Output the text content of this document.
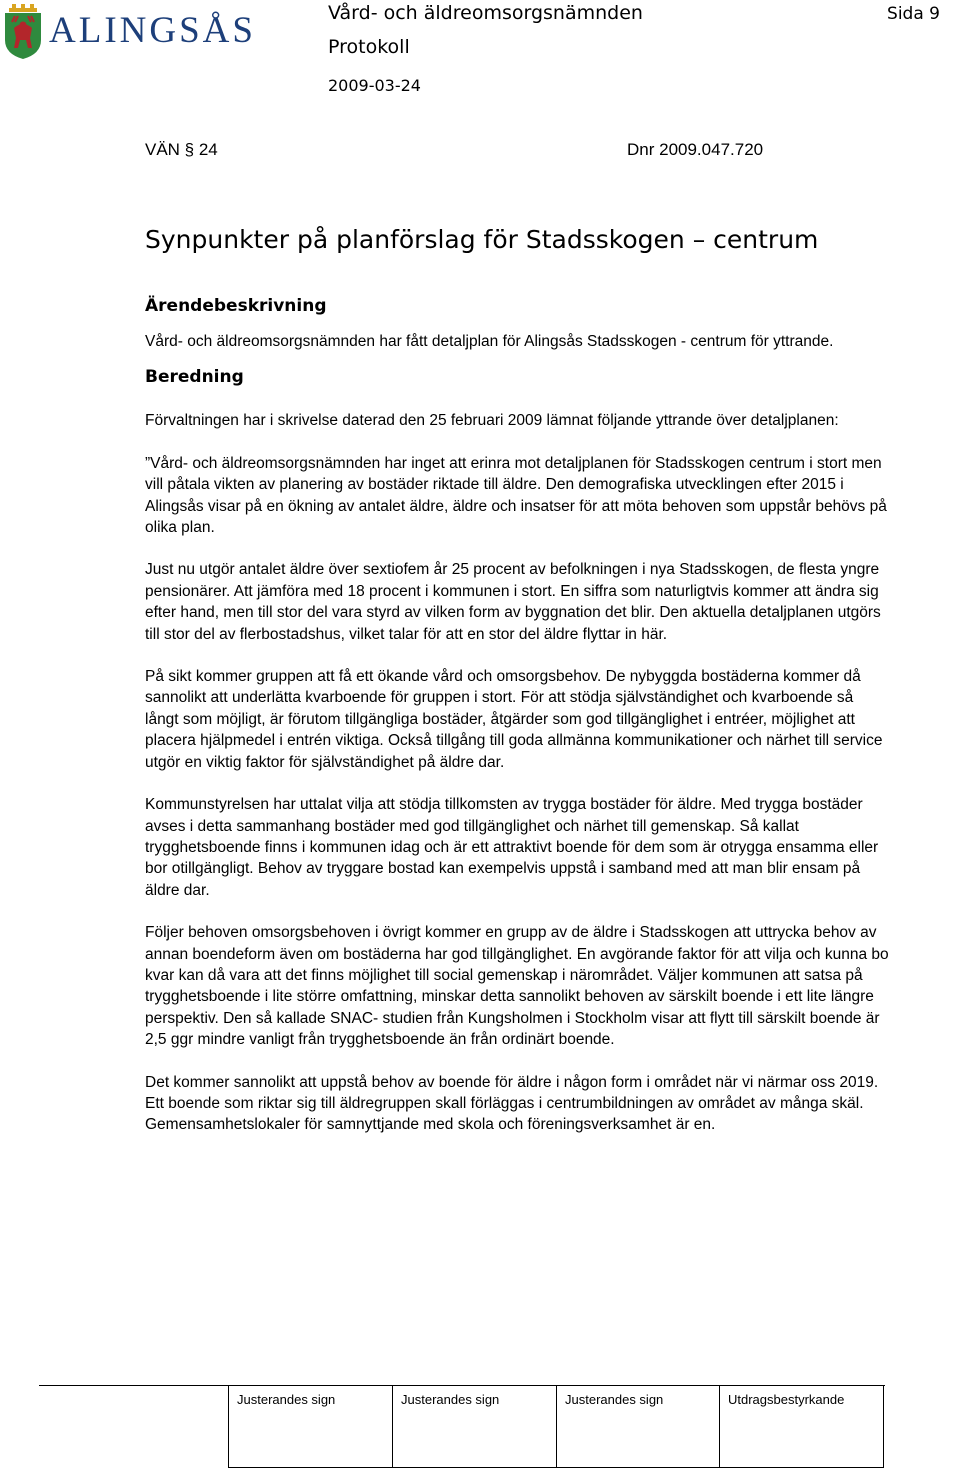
ALINGSÅS	Vård- och äldreomsorgsnämnden
Protokoll
2009-03-24
Sida 9
VÄN § 24	Dnr 2009.047.720
Synpunkter på planförslag för Stadsskogen – centrum
Ärendebeskrivning

Vård- och äldreomsorgsnämnden har fått detaljplan för Alingsås Stadsskogen - centrum för yttrande.

Beredning

Förvaltningen har i skrivelse daterad den 25 februari 2009 lämnat följande yttrande över detaljplanen:

”Vård- och äldreomsorgsnämnden har inget att erinra mot detaljplanen för Stadsskogen centrum i stort men vill påtala vikten av planering av bostäder riktade till äldre. Den demografiska utvecklingen efter 2015 i Alingsås visar på en ökning av antalet äldre, äldre och insatser för att möta behoven som uppstår behövs på olika plan.

Just nu utgör antalet äldre över sextiofem år 25 procent av befolkningen i nya Stadsskogen, de flesta yngre pensionärer. Att jämföra med 18 procent i kommunen i stort. En siffra som naturligtvis kommer att ändra sig efter hand, men till stor del vara styrd av vilken form av byggnation det blir. Den aktuella detaljplanen utgörs till stor del av flerbostadshus, vilket talar för att en stor del äldre flyttar in här.

På sikt kommer gruppen att få ett ökande vård och omsorgsbehov. De nybyggda bostäderna kommer då sannolikt att underlätta kvarboende för gruppen i stort. För att stödja självständighet och kvarboende så långt som möjligt, är förutom tillgängliga bostäder, åtgärder som god tillgänglighet i entréer, möjlighet att placera hjälpmedel i entrén viktiga. Också tillgång till goda allmänna kommunikationer och närhet till service utgör en viktig faktor för självständighet på äldre dar.

Kommunstyrelsen har uttalat vilja att stödja tillkomsten av trygga bostäder för äldre. Med trygga bostäder avses i detta sammanhang bostäder med god tillgänglighet och närhet till gemenskap. Så kallat trygghetsboende finns i kommunen idag och är ett attraktivt boende för dem som är otrygga ensamma eller bor otillgängligt. Behov av tryggare bostad kan exempelvis uppstå i samband med att man blir ensam på äldre dar.

Följer behoven omsorgsbehoven i övrigt kommer en grupp av de äldre i Stadsskogen att uttrycka behov av annan boendeform även om bostäderna har god tillgänglighet. En avgörande faktor för att vilja och kunna bo kvar kan då vara att det finns möjlighet till social gemenskap i närområdet. Väljer kommunen att satsa på trygghetsboende i lite större omfattning, minskar detta sannolikt behoven av särskilt boende i ett lite längre perspektiv. Den så kallade SNAC- studien från Kungsholmen i Stockholm visar att flytt till särskilt boende är 2,5 ggr mindre vanligt från trygghetsboende än från ordinärt boende.

Det kommer sannolikt att uppstå behov av boende för äldre i någon form i området när vi närmar oss 2019. Ett boende som riktar sig till äldregruppen skall förläggas i centrumbildningen av området av många skäl. Gemensamhetslokaler för samnyttjande med skola och föreningsverksamhet är en.

Justerandes sign	Justerandes sign	Justerandes sign	Utdragsbestyrkande
